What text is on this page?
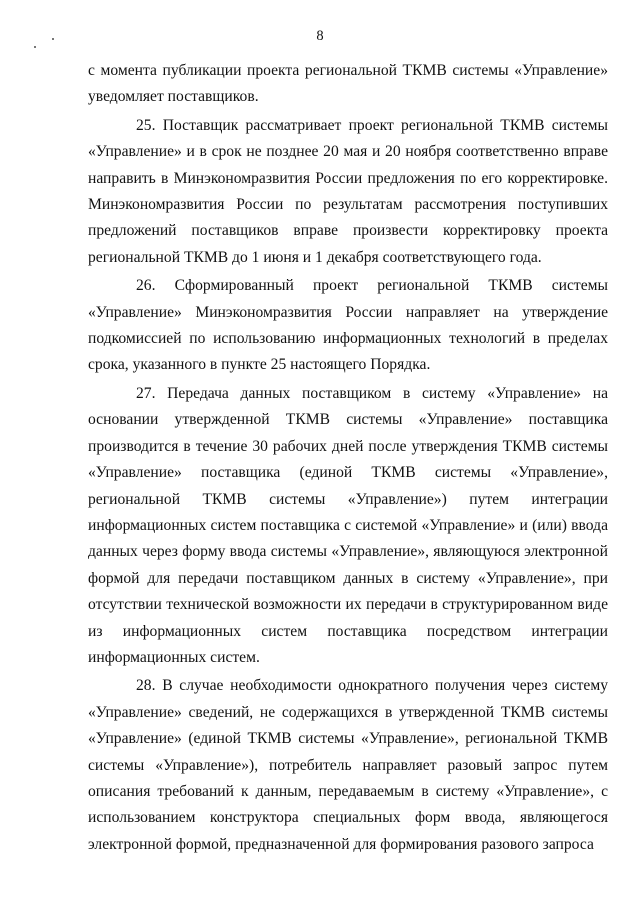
8

с момента публикации проекта региональной ТКМВ системы «Управление» уведомляет поставщиков.

25. Поставщик рассматривает проект региональной ТКМВ системы «Управление» и в срок не позднее 20 мая и 20 ноября соответственно вправе направить в Минэкономразвития России предложения по его корректировке. Минэкономразвития России по результатам рассмотрения поступивших предложений поставщиков вправе произвести корректировку проекта региональной ТКМВ до 1 июня и 1 декабря соответствующего года.

26. Сформированный проект региональной ТКМВ системы «Управление» Минэкономразвития России направляет на утверждение подкомиссией по использованию информационных технологий в пределах срока, указанного в пункте 25 настоящего Порядка.

27. Передача данных поставщиком в систему «Управление» на основании утвержденной ТКМВ системы «Управление» поставщика производится в течение 30 рабочих дней после утверждения ТКМВ системы «Управление» поставщика (единой ТКМВ системы «Управление», региональной ТКМВ системы «Управление») путем интеграции информационных систем поставщика с системой «Управление» и (или) ввода данных через форму ввода системы «Управление», являющуюся электронной формой для передачи поставщиком данных в систему «Управление», при отсутствии технической возможности их передачи в структурированном виде из информационных систем поставщика посредством интеграции информационных систем.

28. В случае необходимости однократного получения через систему «Управление» сведений, не содержащихся в утвержденной ТКМВ системы «Управление» (единой ТКМВ системы «Управление», региональной ТКМВ системы «Управление»), потребитель направляет разовый запрос путем описания требований к данным, передаваемым в систему «Управление», с использованием конструктора специальных форм ввода, являющегося электронной формой, предназначенной для формирования разового запроса
